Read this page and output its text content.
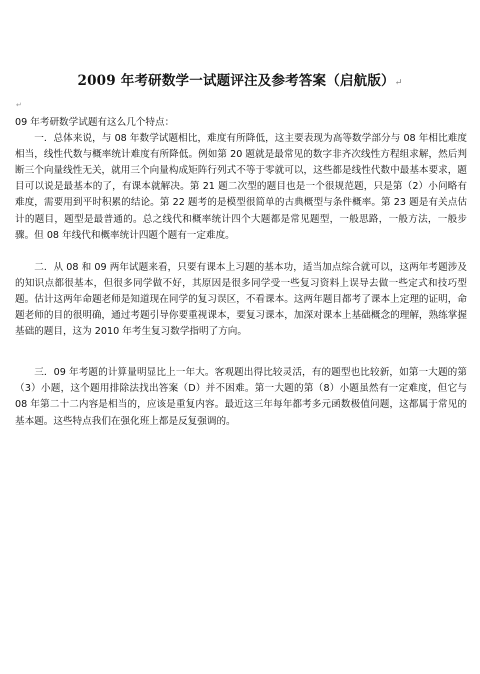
2009 年考研数学一试题评注及参考答案（启航版）↵
↵

09 年考研数学试题有这么几个特点：

一．总体来说，与 08 年数学试题相比，难度有所降低，这主要表现为高等数学部分与 08 年相比难度相当，线性代数与概率统计难度有所降低。例如第 20 题就是最常见的数字非齐次线性方程组求解，然后判断三个向量线性无关，就用三个向量构成矩阵行列式不等于零就可以，这些都是线性代数中最基本要求，题目可以说是最基本的了，有课本就解决。第 21 题二次型的题目也是一个很规范题，只是第（2）小问略有难度，需要用到平时积累的结论。第 22 题考的是模型很简单的古典概型与条件概率。第 23 题是有关点估计的题目，题型是最普通的。总之线代和概率统计四个大题都是常见题型，一般思路，一般方法，一般步骤。但 08 年线代和概率统计四题个题有一定难度。

二．从 08 和 09 两年试题来看，只要有课本上习题的基本功，适当加点综合就可以，这两年考题涉及的知识点都很基本，但很多同学做不好，其原因是很多同学受一些复习资料上误导去做一些定式和技巧型题。估计这两年命题老师是知道现在同学的复习误区，不看课本。这两年题目都考了课本上定理的证明，命题老师的目的很明确，通过考题引导你要重视课本，要复习课本，加深对课本上基础概念的理解，熟练掌握基础的题目，这为 2010 年考生复习数学指明了方向。

三．09 年考题的计算量明显比上一年大。客观题出得比较灵活，有的题型也比较新，如第一大题的第（3）小题，这个题用排除法找出答案（D）并不困难。第一大题的第（8）小题虽然有一定难度，但它与 08 年第二十二内容是相当的，应该是重复内容。最近这三年每年都考多元函数极值问题，这都属于常见的基本题。这些特点我们在强化班上都是反复强调的。
